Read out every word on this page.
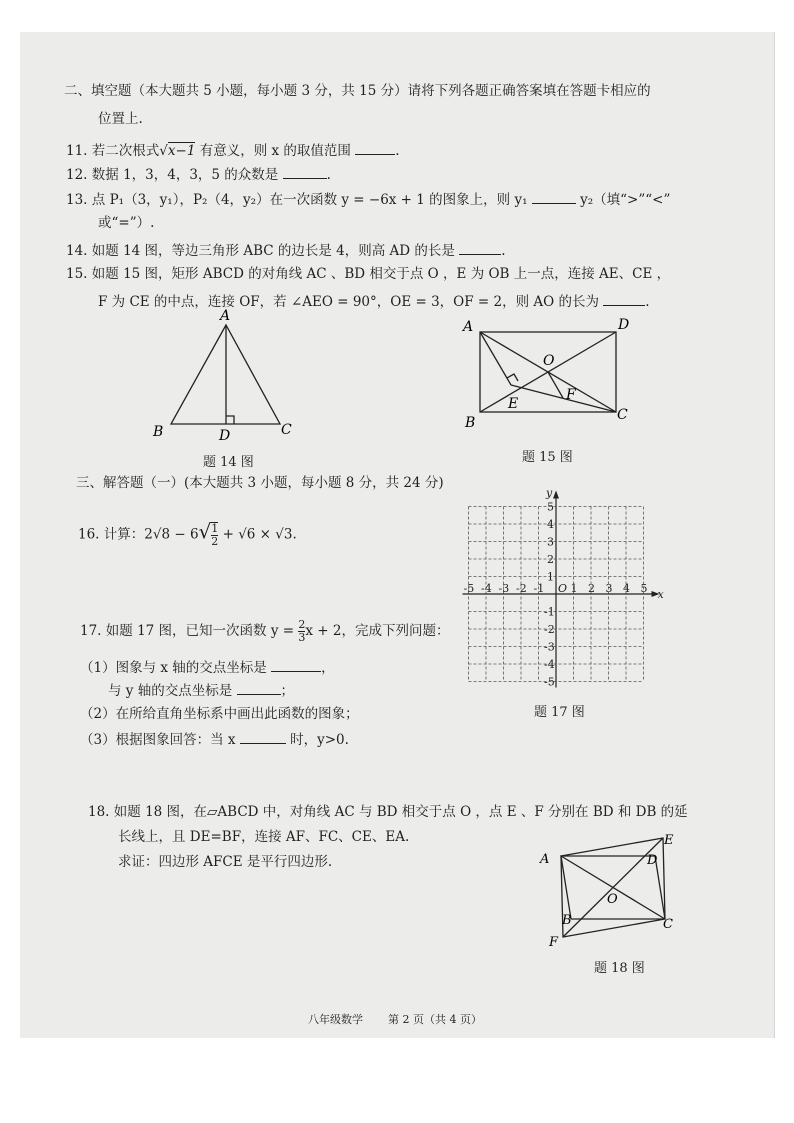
二、填空题（本大题共 5 小题，每小题 3 分，共 15 分）请将下列各题正确答案填在答题卡相应的
位置上.
11. 若二次根式√x−1 有意义，则 x 的取值范围	.
12. 数据 1，3，4，3，5 的众数是	.
13. 点 P₁（3，y₁），P₂（4，y₂）在一次函数 y = −6x + 1 的图象上，则 y₁	y₂（填“>”“<”
或“=”）.
14. 如题 14 图，等边三角形 ABC 的边长是 4，则高 AD 的长是	.
15. 如题 15 图，矩形 ABCD 的对角线 AC 、BD 相交于点 O ，E 为 OB 上一点，连接 AE、CE ，
F 为 CE 的中点，连接 OF，若 ∠AEO = 90°，OE = 3，OF = 2，则 AO 的长为	.
A
B	C
D
题 14 图
A	D
B	C
O
E
F
题 15 图
三、解答题（一）(本大题共 3 小题，每小题 8 分，共 24 分)
16. 计算：$2√8 - 6√ \frac{1}{2} + √6 \times √3$.
17. 如题 17 图，已知一次函数 $y = \frac{2}{3}$ x + 2，完成下列问题：
（1）图象与 x 轴的交点坐标是	，
与 y 轴的交点坐标是	；
（2）在所给直角坐标系中画出此函数的图象；
（3）根据图象回答：当 x	时，y>0.
x
y
O
-5 -4 -3 -2 -1 1 2 3 4 5
5
4
3
2
1
-1
-2
-3
-4
-5
题 17 图
18. 如题 18 图，在▱ABCD 中，对角线 AC 与 BD 相交于点 O ，点 E 、F 分别在 BD 和 DB 的延
长线上，且 DE=BF，连接 AF、FC、CE、EA.
求证：四边形 AFCE 是平行四边形.	A
E
D
O
B	C
F
题 18 图
八年级数学 第 2 页（共 4 页）
